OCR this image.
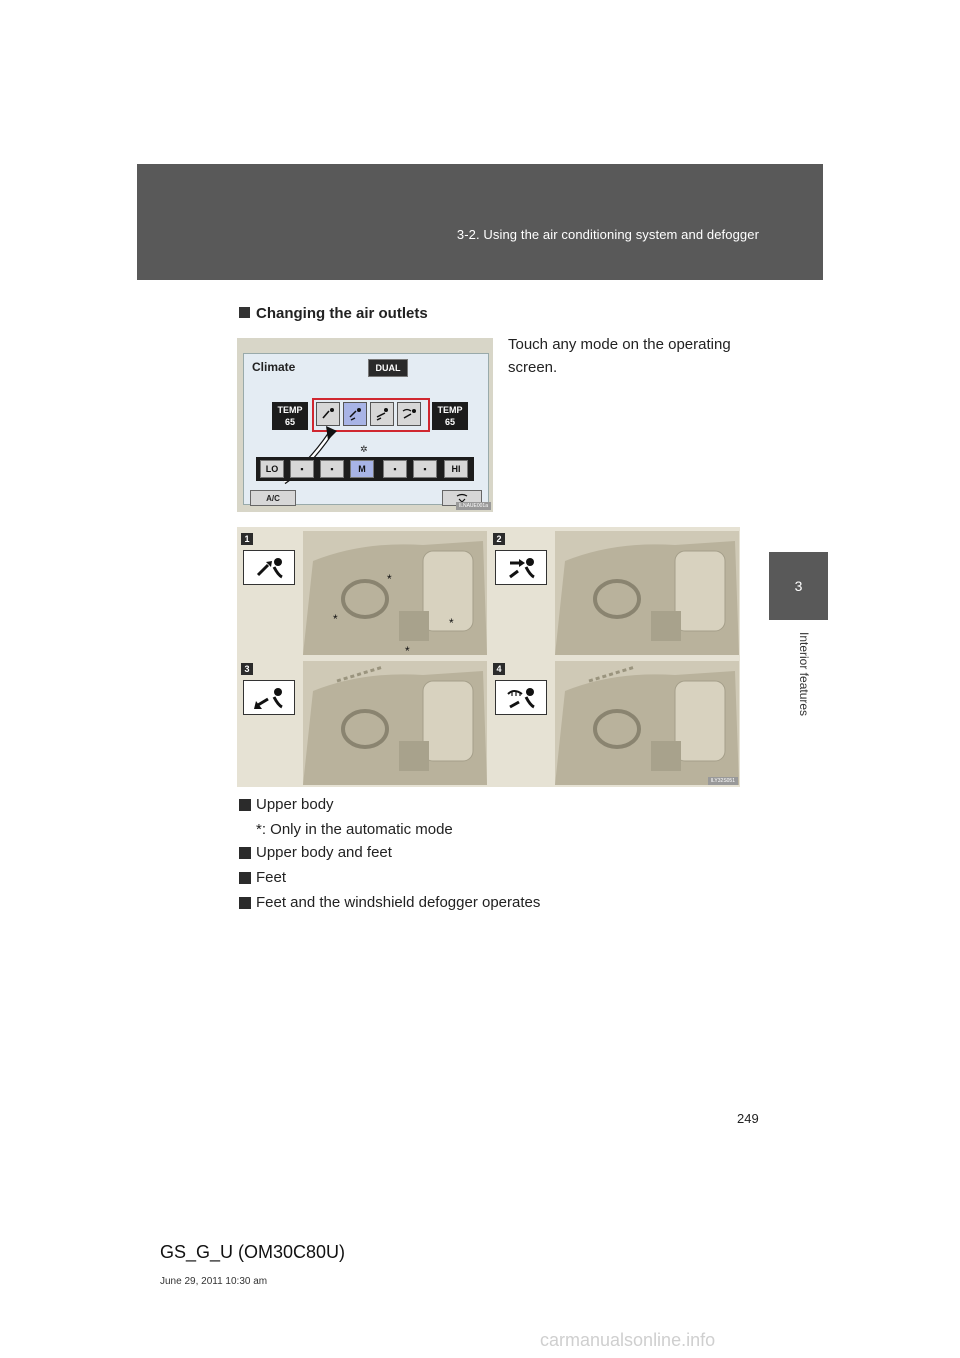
3-2. Using the air conditioning system and defogger
3
Interior features
Changing the air outlets
Touch any mode on the operating screen.
Climate	DUAL
TEMP
65
TEMP
65
LO	▪	▪	M	▪	▪	HI
✲
A/C
ILNAUE001a
1
*
*	*
*
2
3	4
ILY32S051
Upper body
*: Only in the automatic mode
Upper body and feet
Feet
Feet and the windshield defogger operates
249
GS_G_U (OM30C80U)
June 29, 2011 10:30 am
carmanualsonline.info
